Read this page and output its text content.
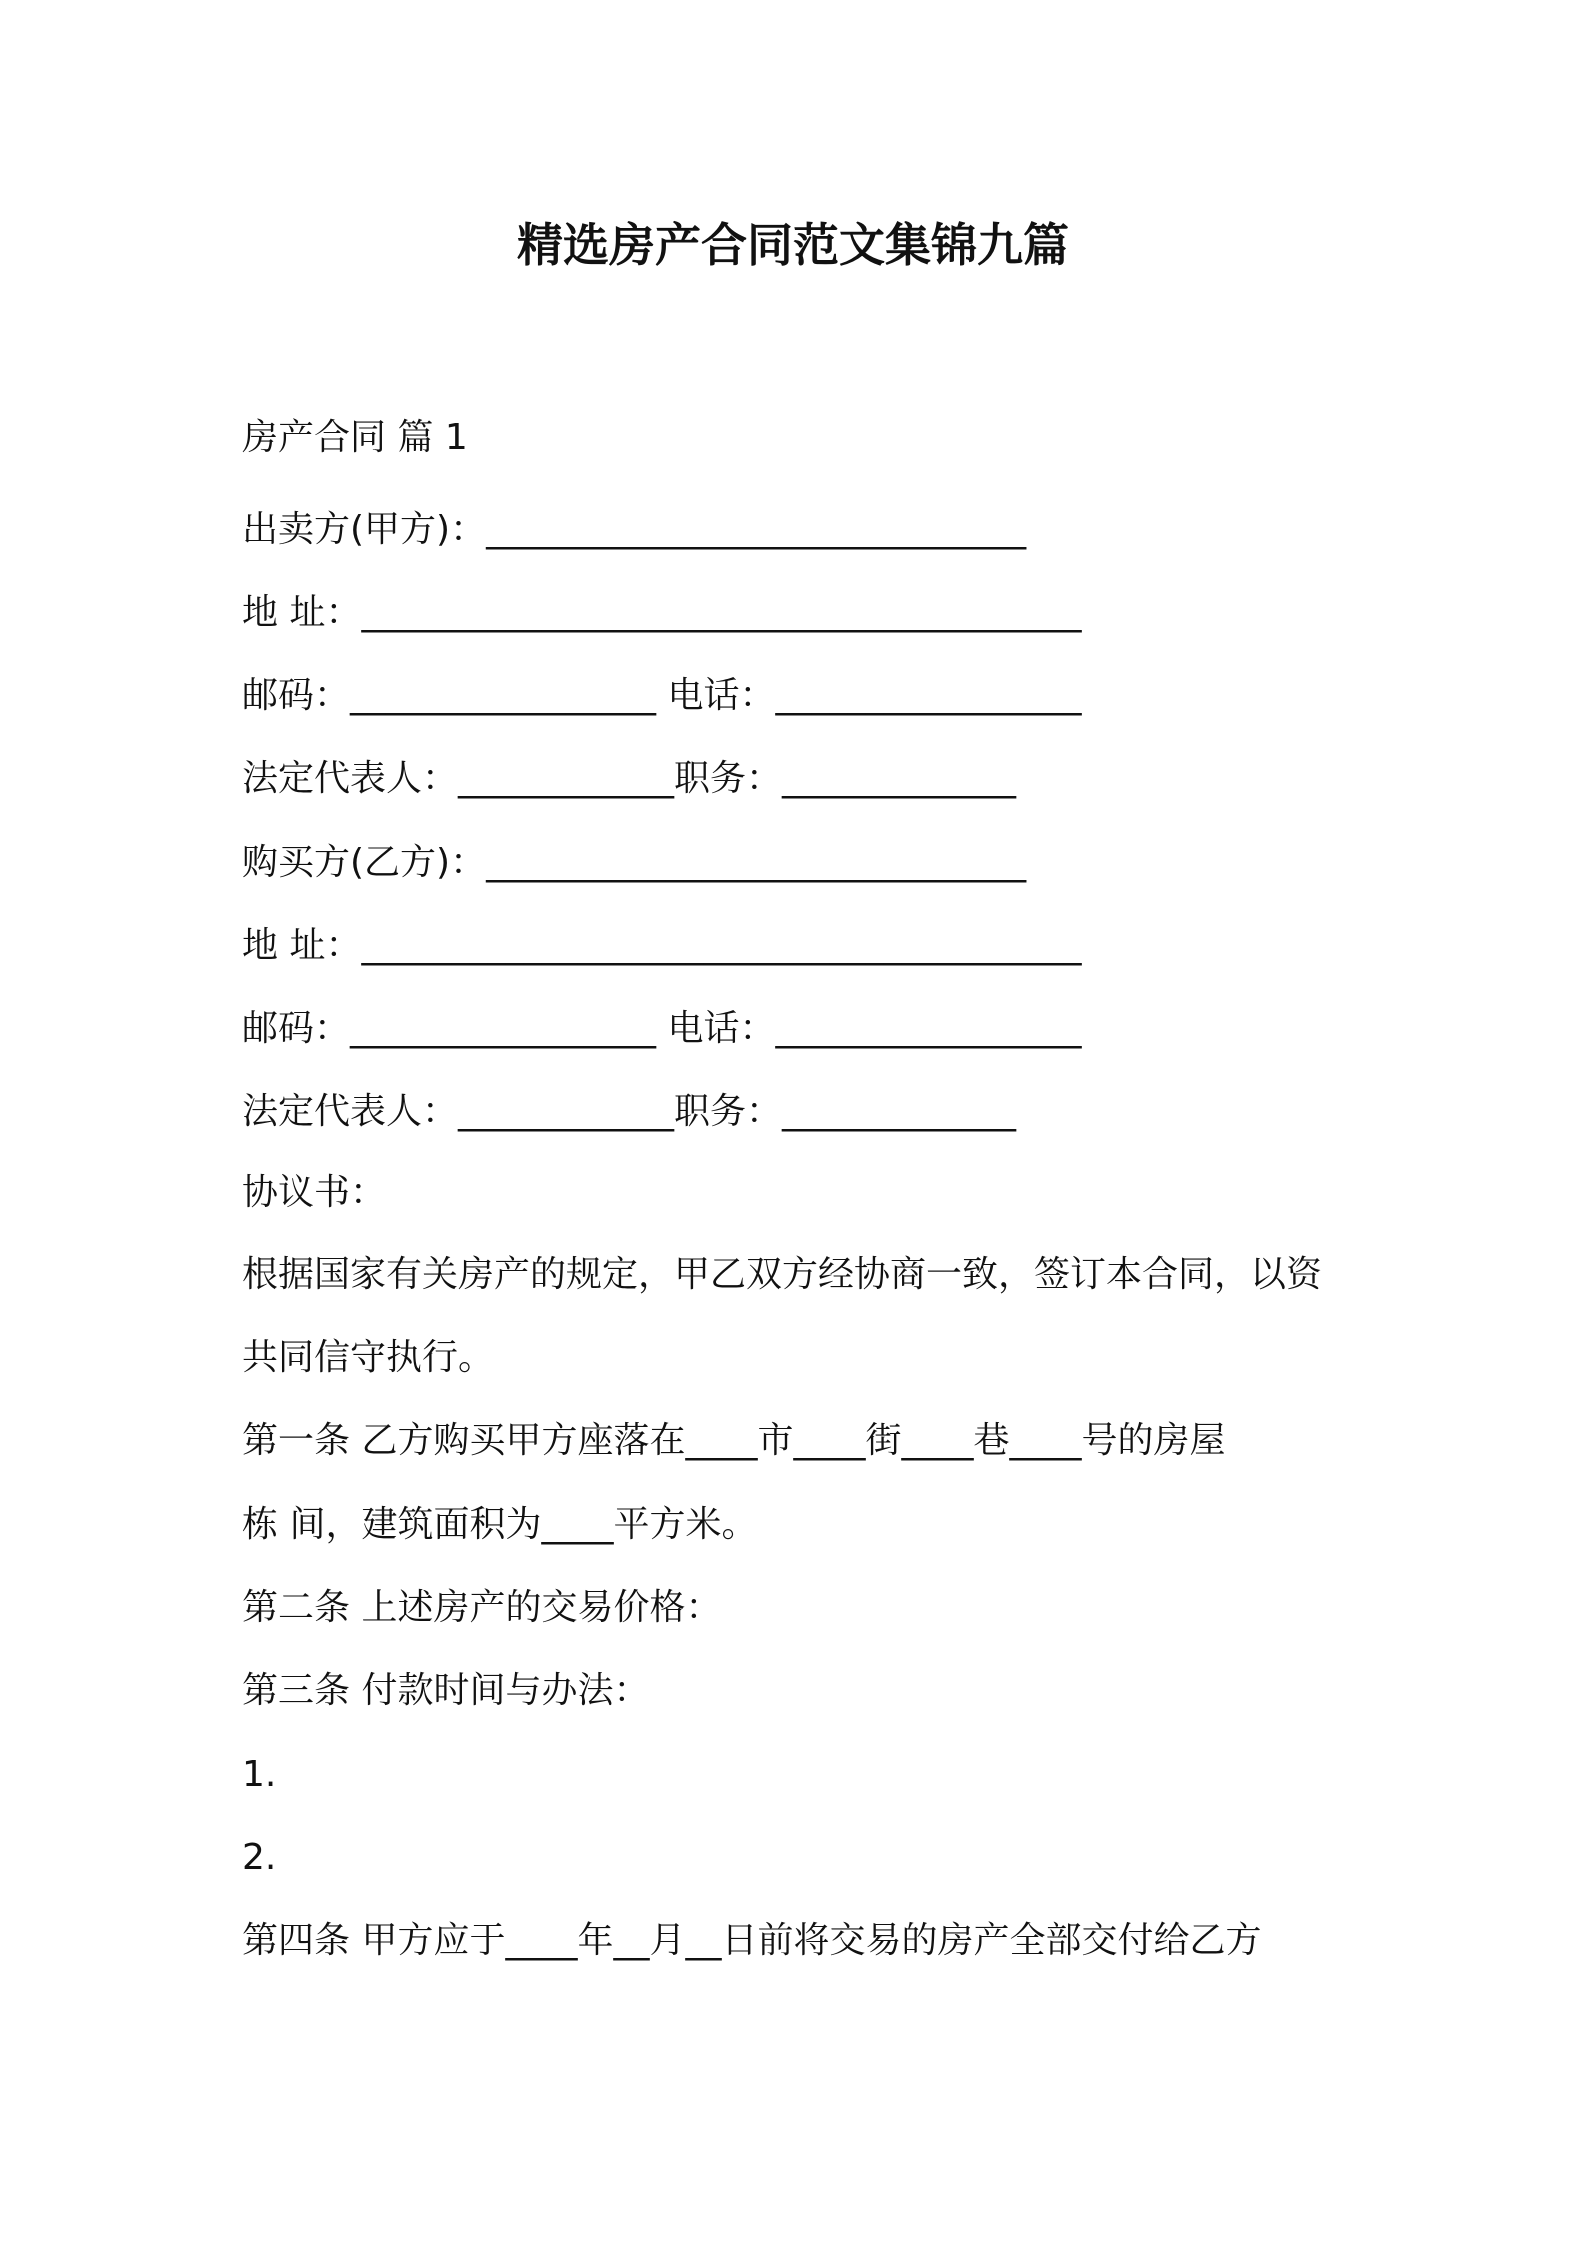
精选房产合同范文集锦九篇
房产合同 篇 1
出卖方(甲方)：______________________________
地 址：________________________________________
邮码：_________________ 电话：_________________
法定代表人：____________职务：_____________
购买方(乙方)：______________________________
地 址：________________________________________
邮码：_________________ 电话：_________________
法定代表人：____________职务：_____________
协议书：
根据国家有关房产的规定，甲乙双方经协商一致，签订本合同，以资
共同信守执行。
第一条 乙方购买甲方座落在____市____街____巷____号的房屋
栋 间，建筑面积为____平方米。
第二条 上述房产的交易价格：
第三条 付款时间与办法：
1.
2.
第四条 甲方应于____年__月__日前将交易的房产全部交付给乙方
